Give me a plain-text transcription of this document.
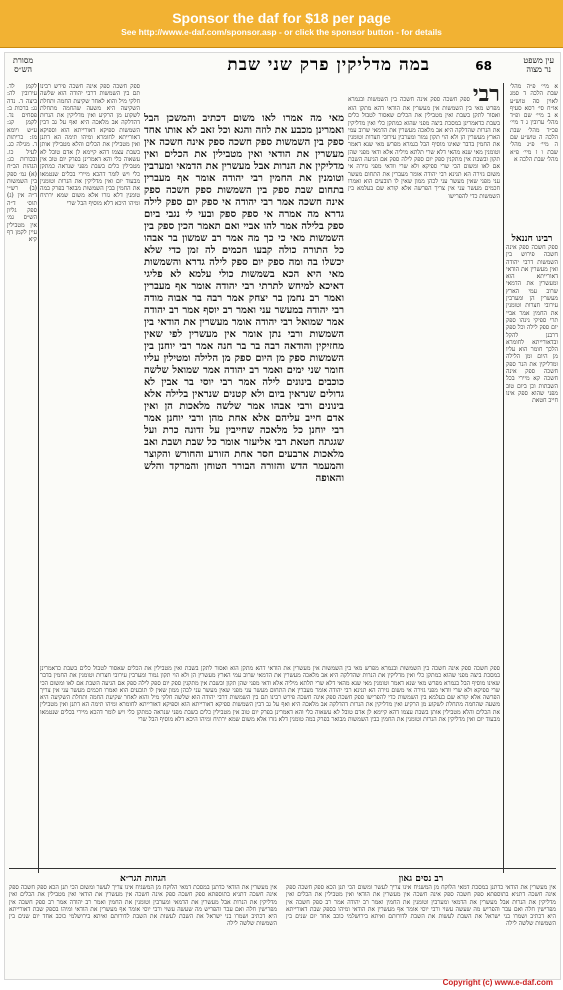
Sponsor the daf for $18 per page
See http://www.e-daf.com/sponsor.asp - or click the sponsor button - for details
עין משפט
נר מצוה
68
במה מדליקין פרק שני שבת
מסורת
הש״ס
א מיי׳ פ״ה מהל׳ שבת הלכה ד סמג לאוין סה טוש״ע או״ח סי׳ רסא סעיף א ב מיי׳ שם ופ״ד מהל׳ ערובין ג ד מיי׳ פכ״ד מהל׳ שבת הלכה ה טוש״ע שם ה מיי׳ פ״ג מהל׳ שבת ו ז מיי׳ פ״א מהל׳ שבת הלכה א
רבינו חננאל
ספק חשכה ספק אינה חשכה פירוש בין השמשות דרבי יהודה ואין מעשרין את הודאי דאורייתא הוא ומעשרין את הדמאי שרוב עמי הארץ מעשרין הן ומערבין עירובי חצרות וטומנין את החמין אמר אביי תרי ספיקי נינהו ספק יום ספק לילה וכל ספק דרבנן להקל ובדאורייתא לחומרא הלכך חומר הוא עליו מן היום ומן הלילה ומדליקין את הנר ספק חשכה ספק אינה חשכה קא מיירי בכל השבתות וכן ביום טוב מפני שהוא ספק אינו חייב חטאת
רבי ספק חשכה ספק אינה חשכה בין השמשות ובגמרא מפרש מאי בין השמשות אין מעשרין את הודאי דהא מתקן הוא ואסור לתקן בשבת ואין מטבילין את הכלים שאסור לטבול כלים בשבת כדאמרינן במסכת ביצה מפני שהוא כמתקן כלי ואין מדליקין את הנרות שהדלקה היא אב מלאכה מעשרין את הדמאי שרוב עמי הארץ מעשרין הן ולא הוי תקון גמור ומערבין עירובי חצרות וטומנין את החמין בדבר שאינו מוסיף הבל בגמרא מפרש מאי שנא דאמר וטומנין מאי שנא מהאי דלא שרי תלתא מיליה אלא ודאי מפני שהן תקון ובשבת אין מתקנין ספק יום ספק לילה ספק אם הגיעה השבת אם לאו ומשום הכי שרי ספיקא ולא שרי וודאי מפני גזירה אי משום גזירה הא תנינא רבי יהודה אומר מעברין את התחום מעשר עני מפני שאין מעשר עני לכהן ממון שאין לו תובעים הוא ואמרו חכמים מעשר עני אין צריך הפרשה אלא קורא שם בעלמא בין השמשות כדי להפרישו
מאי מה אמרו לאו משום דכתיב והמשכן הבל ואמרינן מכבע את לוזה והגא וכל זאב לא אותו אחד ספק בין השמשות ספק חשכה ספק אינה חשכה אין מעשרין את הודאי ואין מטבילין את הכלים ואין מדליקין את הנרות אבל מעשרין את הדמאי ומערבין וטומנין את החמין רבי יהודה אומר אף מעברין בתחום שבת ספק בין השמשות ספק חשכה ספק אינה חשכה אמר רבי יהודה אי ספק יום ספק לילה גדרא מה אמרה אי ספק ספק ובעי לי נגבי ביום ספק בלילה אמר להו אביי ואם תאמר הכין ספק בין השמשות מאי כי כך מה אמר רב שמשון בר אבהו כל התורה כולה קבעו חכמים לה זמן כדי שלא יכשלו בה ומה ספק יום ספק לילה גדרא והשמשות מאי היא הכא בשמשות כולי עלמא לא פליגי דאיכא למיחש לתרתי רבי יהודה אומר אף מעברין ואמר רב נחמן בר יצחק אמר רבה בר אבוה מודה רבי יהודה במעשר עני ואמר רב יוסף אמר רב יהודה אמר שמואל רבי יהודה אומר מעשרין את הודאי בין השמשות ורבי נתן אומר אין מעשרין לפי שאין מחזיקין והודאה רבה בר בר חנה אמר רבי יוחנן בין השמשות ספק מן היום ספק מן הלילה ומטילין עליו חומר שני ימים ואמר רב יהודה אמר שמואל שלשה כוכבים בינונים לילה אמר רבי יוסי בר אבין לא גדולים שנראין ביום ולא קטנים שנראין בלילה אלא בינונים ורבי אבהו אמר שלשה מלאכות הן ואין אדם חייב עליהם אלא אחת מהן ורבי יוחנן אמר רבי יוחנן כל מלאכה שחייבין על זדונה כרת ועל שגגתה חטאת רבי אליעזר אומר כל שבת ושבת ואב מלאכות ארבעים חסר אחת הזורע והחורש והקוצר והמעמר הדש והזורה הבורר הטוחן והמרקד והלש והאופה
ספק חשכה ספק אינה חשכה פירש רבינו תם בין השמשות דרבי יהודה הוא שלשה חלקי מיל והוא לאחר שקיעת החמה ותחלת השקיעה היא משעה שהחמה מתחלת לשקוע מן הרקיע ואין מדליקין את הנרות דהדלקה אב מלאכה היא ואף על גב דבין השמשות ספיקא דאורייתא הוא וספיקא דאורייתא לחומרא ומיהו תימה הא דתנן ואין מטבילין את הכלים והלא מטבילין אותן בשבת עצמו דהא קיימא לן אדם טובל לא עשאוה כלי והא דאמרינן בפרק יום טוב אין מטבילין כלים בשבת מפני שנראה כמתקן כלי ויש לומר דהכא מיירי בכלים שנטמאו מבעוד יום ואין מדליקין את הנרות וטומנין את החמין בבין השמשות מבואר בפרק במה טומנין דלא גזרו אלא משום שמא ירתיח ומיהו היכא דלא מוסיף הבל שרי
לקמן לד. עירובין לה: ביצה ד. נדה נג: ברכות ב: פסחים נד. לקמן קנ: ע״ש ויומא מז: כריתות ד. מגילה כג. לעיל כו. ובכורות כג: הגהות הב״ח (א) גמ׳ ספק בין השמשות (ב) רש״י ד״ה אין (ג) תוס׳ ד״ה ספק גליון הש״ס גמ׳ אין מטבילין עיין לקמן דף קיא
ספק חשכה ספק אינה חשכה בין השמשות ובגמרא מפרש מאי בין השמשות אין מעשרין את הודאי דהא מתקן הוא ואסור לתקן בשבת ואין מטבילין את הכלים שאסור לטבול כלים בשבת כדאמרינן במסכת ביצה מפני שהוא כמתקן כלי ואין מדליקין את הנרות שהדלקה היא אב מלאכה מעשרין את הדמאי שרוב עמי הארץ מעשרין הן ולא הוי תקון גמור ומערבין עירובי חצרות וטומנין את החמין בדבר שאינו מוסיף הבל בגמרא מפרש מאי שנא דאמר וטומנין מאי שנא מהאי דלא שרי תלתא מיליה אלא ודאי מפני שהן תקון ובשבת אין מתקנין ספק יום ספק לילה ספק אם הגיעה השבת אם לאו ומשום הכי שרי ספיקא ולא שרי וודאי מפני גזירה אי משום גזירה הא תנינא רבי יהודה אומר מעברין את התחום מעשר עני מפני שאין מעשר עני לכהן ממון שאין לו תובעים הוא ואמרו חכמים מעשר עני אין צריך הפרשה אלא קורא שם בעלמא בין השמשות כדי להפרישו ספק חשכה ספק אינה חשכה פירש רבינו תם בין השמשות דרבי יהודה הוא שלשה חלקי מיל והוא לאחר שקיעת החמה ותחלת השקיעה היא משעה שהחמה מתחלת לשקוע מן הרקיע ואין מדליקין את הנרות דהדלקה אב מלאכה היא ואף על גב דבין השמשות ספיקא דאורייתא הוא וספיקא דאורייתא לחומרא ומיהו תימה הא דתנן ואין מטבילין את הכלים והלא מטבילין אותן בשבת עצמו דהא קיימא לן אדם טובל לא עשאוה כלי והא דאמרינן בפרק יום טוב אין מטבילין כלים בשבת מפני שנראה כמתקן כלי ויש לומר דהכא מיירי בכלים שנטמאו מבעוד יום ואין מדליקין את הנרות וטומנין את החמין בבין השמשות מבואר בפרק במה טומנין דלא גזרו אלא משום שמא ירתיח ומיהו היכא דלא מוסיף הבל שרי
רב נסים גאון
אין מעשרין את הודאי כדתנן במסכת דמאי הלוקח מן המשגיח אינו צריך לעשר ומשום הכי תנן הכא ספק חשכה ספק אינה חשכה דתניא בתוספתא ספק חשכה ספק אינה חשכה אין מעשרין את הודאי ואין מטבילין את הכלים ואין מדליקין את הנרות אבל מעשרין את הדמאי ומערבין וטומנין את החמין ואמר רב יהודה אמר רב ספק חשכה אין מפרישין חלה ואם עבר והפריש מה שעשה עשוי ורבי יוסי אומר אף מעשרין את הודאי ומיהו בספק שבת דאורייתא היא דכתיב ושמרו בני ישראל את השבת לעשות את השבת לדורותם ואיתא בירושלמי כוכב אחד יום שנים בין השמשות שלשה לילה
הגהות הגר״א
אין מעשרין את הודאי כדתנן במסכת דמאי הלוקח מן המשגיח אינו צריך לעשר ומשום הכי תנן הכא ספק חשכה ספק אינה חשכה דתניא בתוספתא ספק חשכה ספק אינה חשכה אין מעשרין את הודאי ואין מטבילין את הכלים ואין מדליקין את הנרות אבל מעשרין את הדמאי ומערבין וטומנין את החמין ואמר רב יהודה אמר רב ספק חשכה אין מפרישין חלה ואם עבר והפריש מה שעשה עשוי ורבי יוסי אומר אף מעשרין את הודאי ומיהו בספק שבת דאורייתא היא דכתיב ושמרו בני ישראל את השבת לעשות את השבת לדורותם ואיתא בירושלמי כוכב אחד יום שנים בין השמשות שלשה לילה
Copyright (c) www.e-daf.com
